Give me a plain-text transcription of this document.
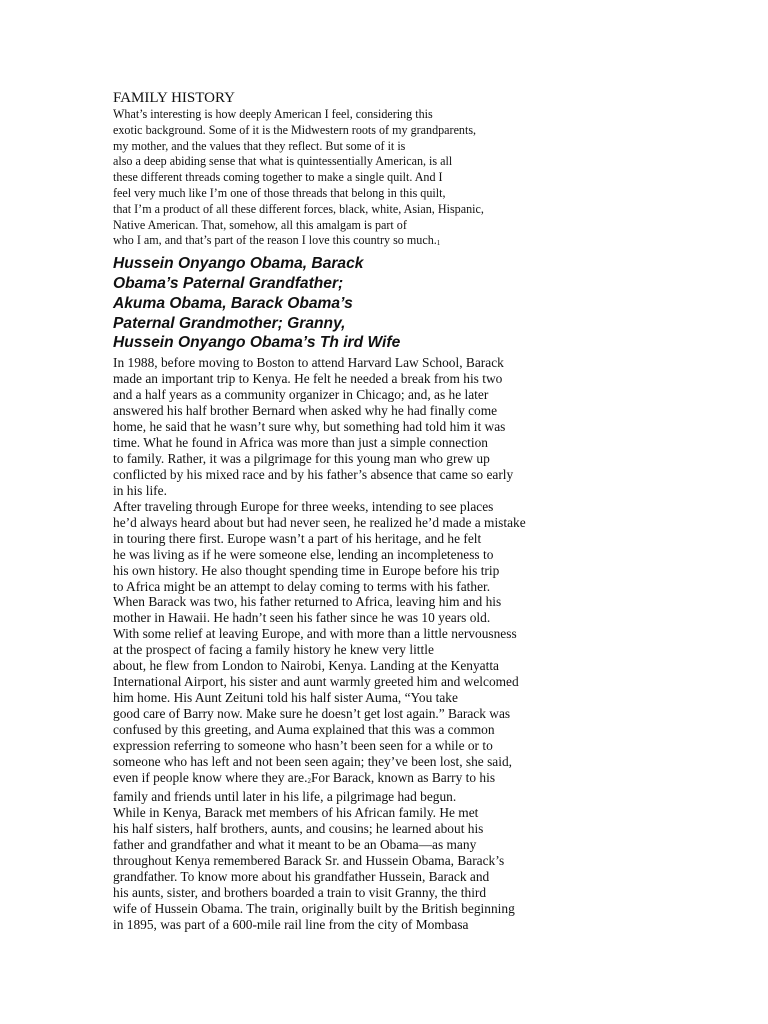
FAMILY HISTORY
What’s interesting is how deeply American I feel, considering this
exotic background. Some of it is the Midwestern roots of my grandparents,
my mother, and the values that they reflect. But some of it is
also a deep abiding sense that what is quintessentially American, is all
these different threads coming together to make a single quilt. And I
feel very much like I’m one of those threads that belong in this quilt,
that I’m a product of all these different forces, black, white, Asian, Hispanic,
Native American. That, somehow, all this amalgam is part of
who I am, and that’s part of the reason I love this country so much.1
Hussein Onyango Obama, Barack
Obama’s Paternal Grandfather;
Akuma Obama, Barack Obama’s
Paternal Grandmother; Granny,
Hussein Onyango Obama’s Th ird Wife
In 1988, before moving to Boston to attend Harvard Law School, Barack
made an important trip to Kenya. He felt he needed a break from his two
and a half years as a community organizer in Chicago; and, as he later
answered his half brother Bernard when asked why he had finally come
home, he said that he wasn’t sure why, but something had told him it was
time. What he found in Africa was more than just a simple connection
to family. Rather, it was a pilgrimage for this young man who grew up
conflicted by his mixed race and by his father’s absence that came so early
in his life.
After traveling through Europe for three weeks, intending to see places
he’d always heard about but had never seen, he realized he’d made a mistake
in touring there first. Europe wasn’t a part of his heritage, and he felt
he was living as if he were someone else, lending an incompleteness to
his own history. He also thought spending time in Europe before his trip
to Africa might be an attempt to delay coming to terms with his father.
When Barack was two, his father returned to Africa, leaving him and his
mother in Hawaii. He hadn’t seen his father since he was 10 years old.
With some relief at leaving Europe, and with more than a little nervousness
at the prospect of facing a family history he knew very little
about, he flew from London to Nairobi, Kenya. Landing at the Kenyatta
International Airport, his sister and aunt warmly greeted him and welcomed
him home. His Aunt Zeituni told his half sister Auma, “You take
good care of Barry now. Make sure he doesn’t get lost again.” Barack was
confused by this greeting, and Auma explained that this was a common
expression referring to someone who hasn’t been seen for a while or to
someone who has left and not been seen again; they’ve been lost, she said,
even if people know where they are.2For Barack, known as Barry to his
family and friends until later in his life, a pilgrimage had begun.
While in Kenya, Barack met members of his African family. He met
his half sisters, half brothers, aunts, and cousins; he learned about his
father and grandfather and what it meant to be an Obama—as many
throughout Kenya remembered Barack Sr. and Hussein Obama, Barack’s
grandfather. To know more about his grandfather Hussein, Barack and
his aunts, sister, and brothers boarded a train to visit Granny, the third
wife of Hussein Obama. The train, originally built by the British beginning
in 1895, was part of a 600-mile rail line from the city of Mombasa
